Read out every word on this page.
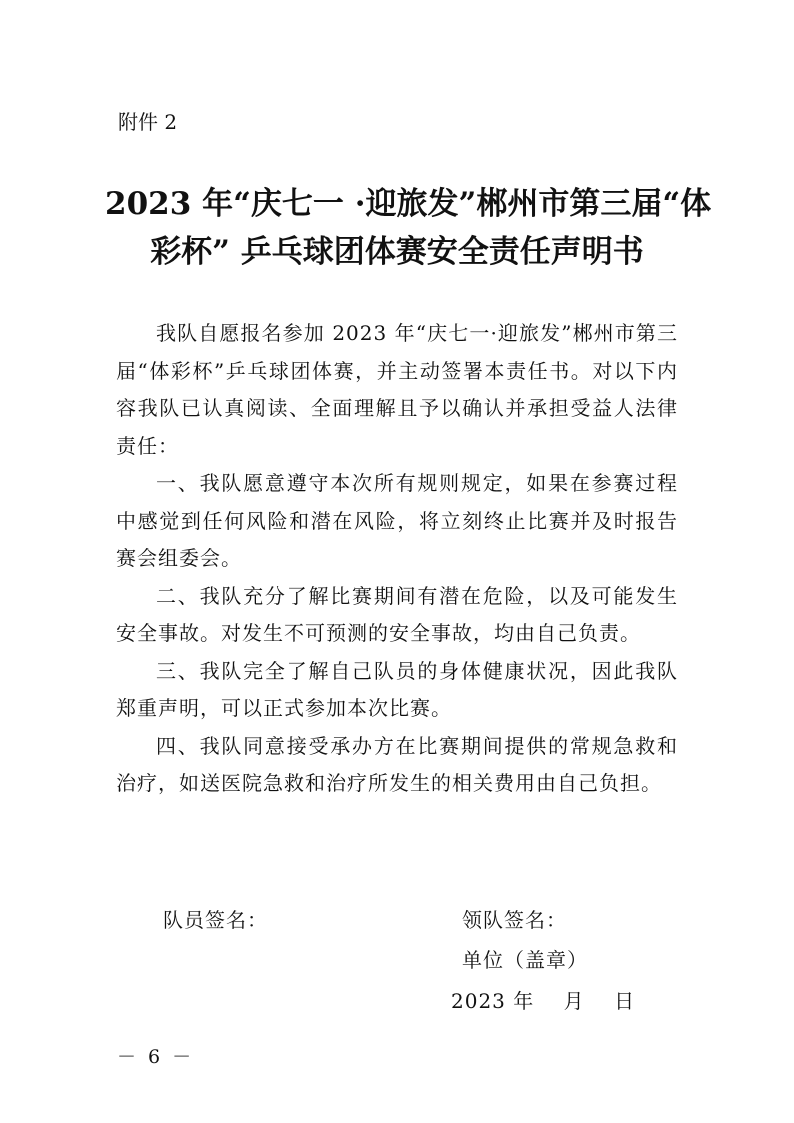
附件 2
2023 年“庆七一 ·迎旅发”郴州市第三届“体
彩杯” 乒乓球团体赛安全责任声明书

我队自愿报名参加 2023 年“庆七一·迎旅发”郴州市第三届“体彩杯”乒乓球团体赛，并主动签署本责任书。对以下内容我队已认真阅读、全面理解且予以确认并承担受益人法律责任：

一、我队愿意遵守本次所有规则规定，如果在参赛过程中感觉到任何风险和潜在风险，将立刻终止比赛并及时报告赛会组委会。

二、我队充分了解比赛期间有潜在危险，以及可能发生安全事故。对发生不可预测的安全事故，均由自己负责。

三、我队完全了解自己队员的身体健康状况，因此我队郑重声明，可以正式参加本次比赛。

四、我队同意接受承办方在比赛期间提供的常规急救和治疗，如送医院急救和治疗所发生的相关费用由自己负担。

队员签名：	领队签名：
单位（盖章）
2023 年    月    日
－ 6 －
